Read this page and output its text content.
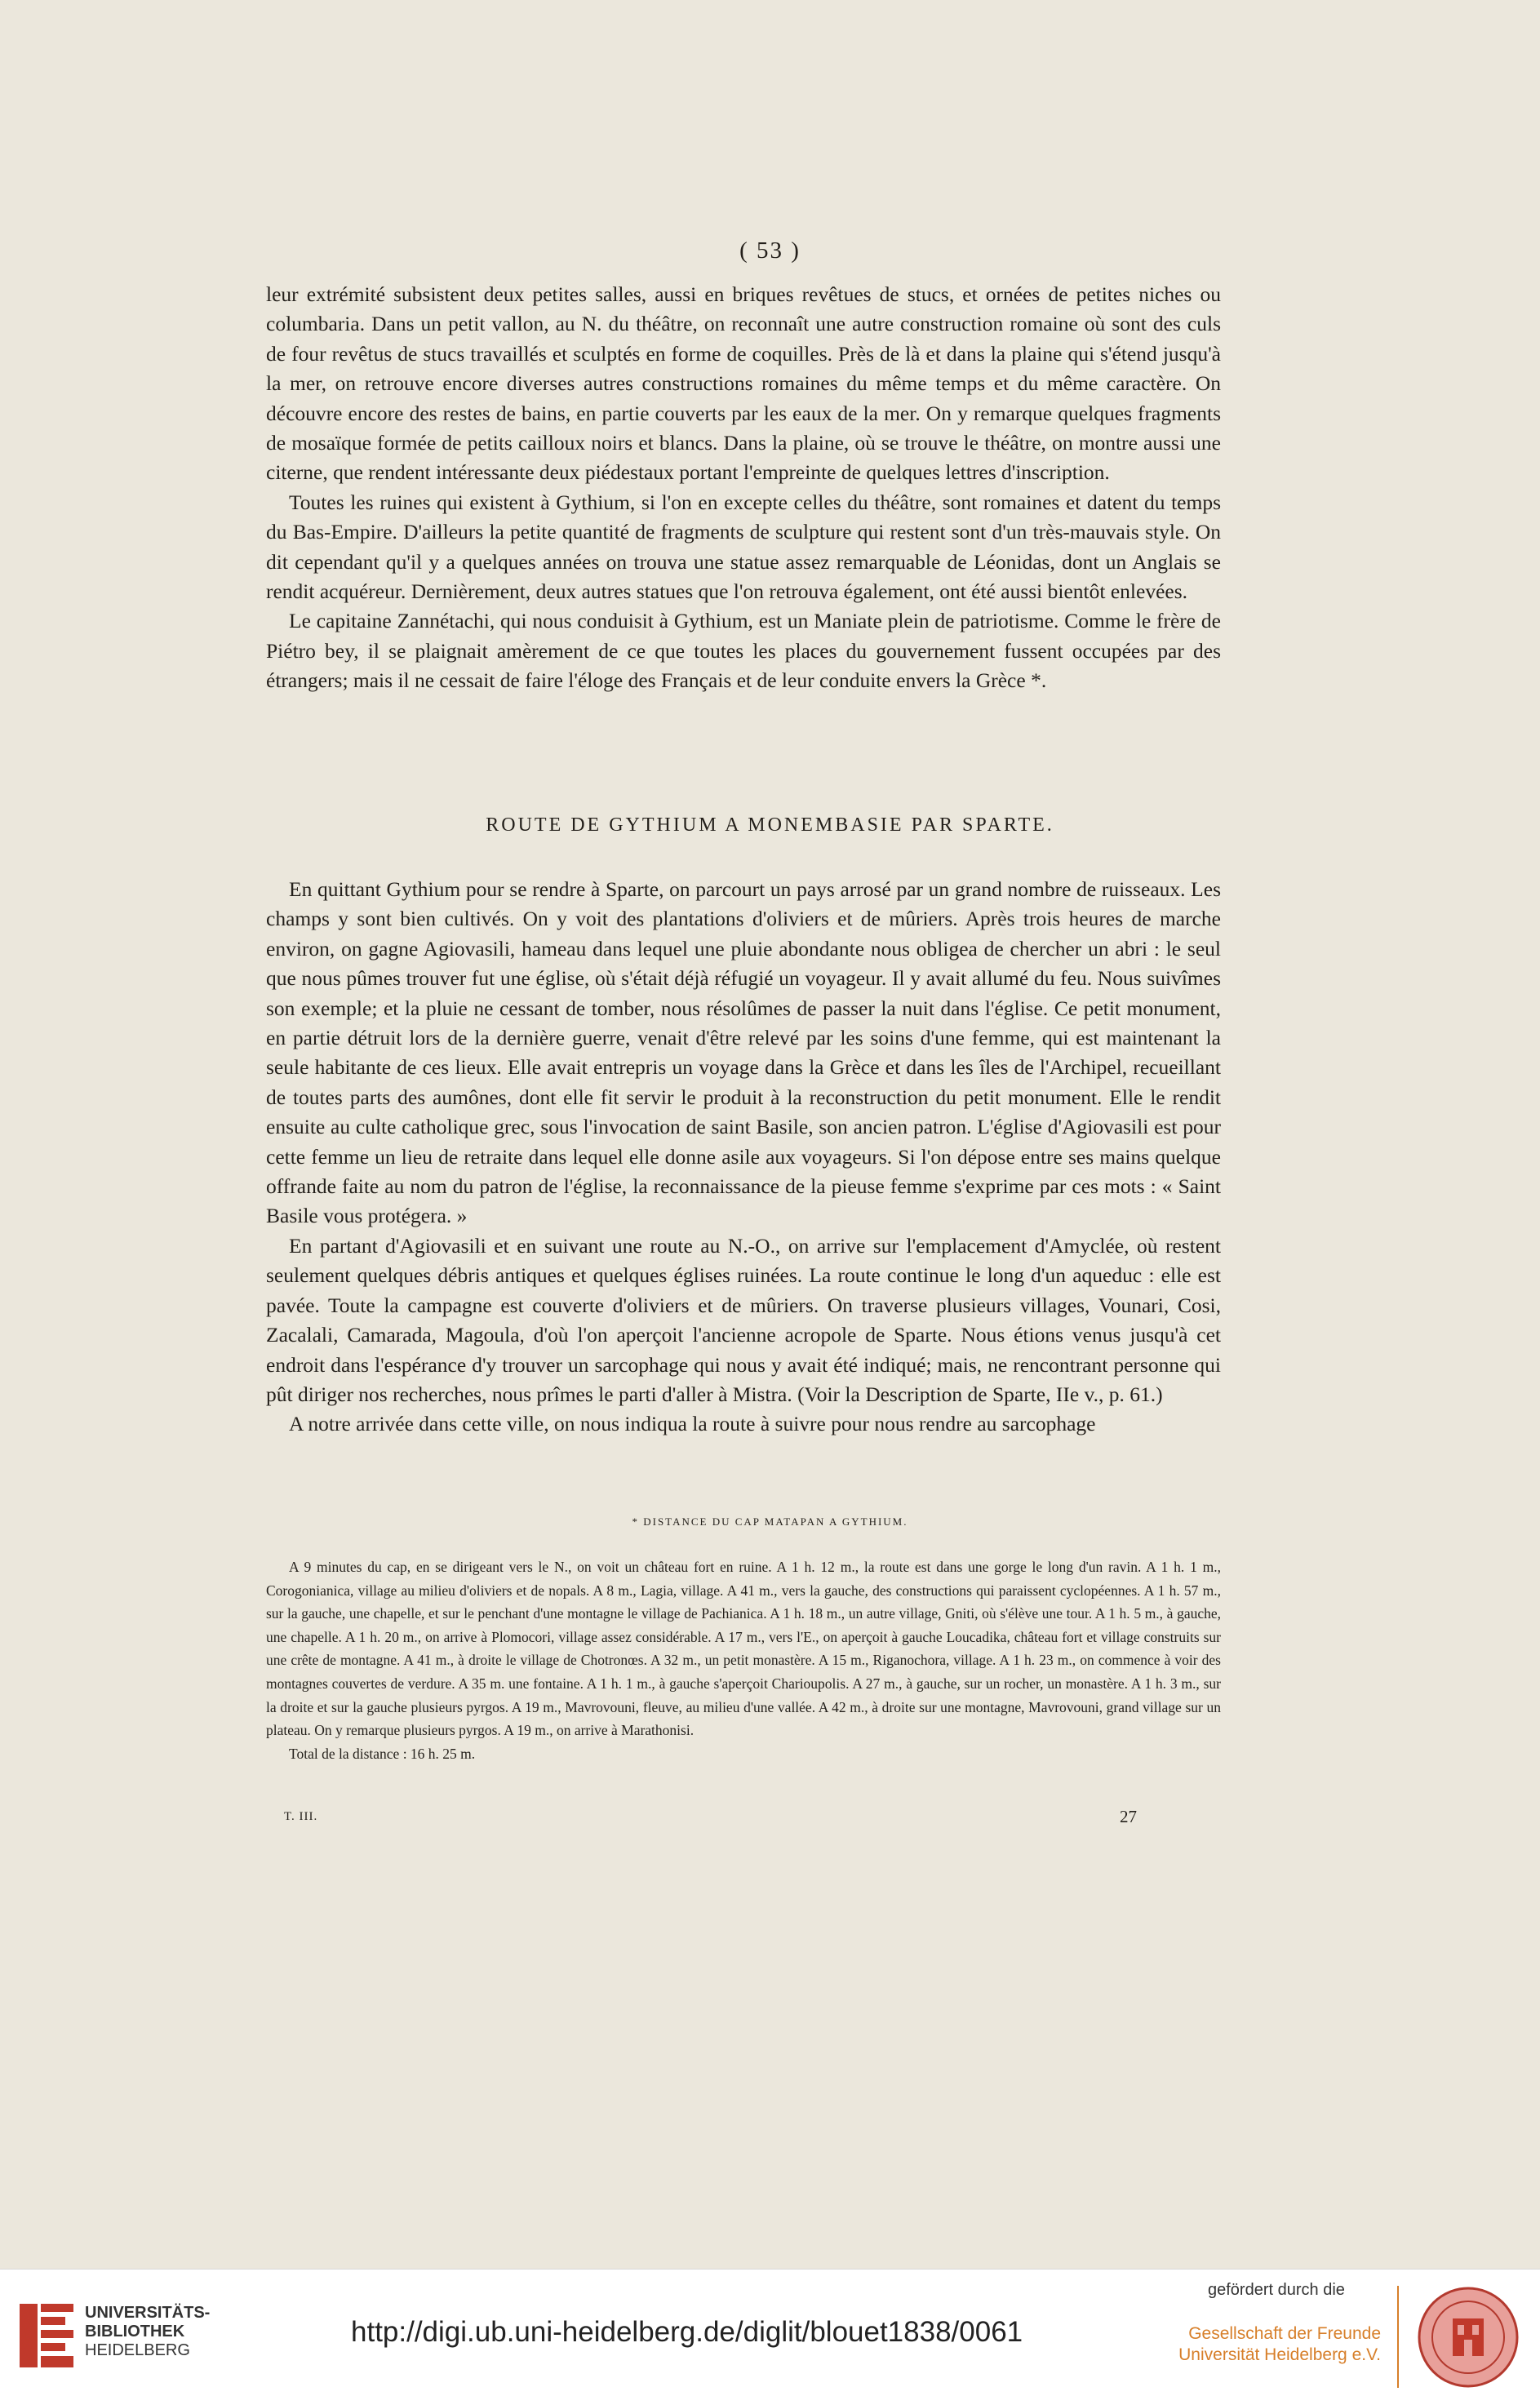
( 53 )

leur extrémité subsistent deux petites salles, aussi en briques revêtues de stucs, et ornées de petites niches ou columbaria. Dans un petit vallon, au N. du théâtre, on reconnaît une autre construction romaine où sont des culs de four revêtus de stucs travaillés et sculptés en forme de coquilles. Près de là et dans la plaine qui s'étend jusqu'à la mer, on retrouve encore diverses autres constructions romaines du même temps et du même caractère. On découvre encore des restes de bains, en partie couverts par les eaux de la mer. On y remarque quelques fragments de mosaïque formée de petits cailloux noirs et blancs. Dans la plaine, où se trouve le théâtre, on montre aussi une citerne, que rendent intéressante deux piédestaux portant l'empreinte de quelques lettres d'inscription.

Toutes les ruines qui existent à Gythium, si l'on en excepte celles du théâtre, sont romaines et datent du temps du Bas-Empire. D'ailleurs la petite quantité de fragments de sculpture qui restent sont d'un très-mauvais style. On dit cependant qu'il y a quelques années on trouva une statue assez remarquable de Léonidas, dont un Anglais se rendit acquéreur. Dernièrement, deux autres statues que l'on retrouva également, ont été aussi bientôt enlevées.

Le capitaine Zannétachi, qui nous conduisit à Gythium, est un Maniate plein de patriotisme. Comme le frère de Piétro bey, il se plaignait amèrement de ce que toutes les places du gouvernement fussent occupées par des étrangers; mais il ne cessait de faire l'éloge des Français et de leur conduite envers la Grèce *.

ROUTE DE GYTHIUM A MONEMBASIE PAR SPARTE.

En quittant Gythium pour se rendre à Sparte, on parcourt un pays arrosé par un grand nombre de ruisseaux. Les champs y sont bien cultivés. On y voit des plantations d'oliviers et de mûriers. Après trois heures de marche environ, on gagne Agiovasili, hameau dans lequel une pluie abondante nous obligea de chercher un abri : le seul que nous pûmes trouver fut une église, où s'était déjà réfugié un voyageur. Il y avait allumé du feu. Nous suivîmes son exemple; et la pluie ne cessant de tomber, nous résolûmes de passer la nuit dans l'église. Ce petit monument, en partie détruit lors de la dernière guerre, venait d'être relevé par les soins d'une femme, qui est maintenant la seule habitante de ces lieux. Elle avait entrepris un voyage dans la Grèce et dans les îles de l'Archipel, recueillant de toutes parts des aumônes, dont elle fit servir le produit à la reconstruction du petit monument. Elle le rendit ensuite au culte catholique grec, sous l'invocation de saint Basile, son ancien patron. L'église d'Agiovasili est pour cette femme un lieu de retraite dans lequel elle donne asile aux voyageurs. Si l'on dépose entre ses mains quelque offrande faite au nom du patron de l'église, la reconnaissance de la pieuse femme s'exprime par ces mots : « Saint Basile vous protégera. »

En partant d'Agiovasili et en suivant une route au N.-O., on arrive sur l'emplacement d'Amyclée, où restent seulement quelques débris antiques et quelques églises ruinées. La route continue le long d'un aqueduc : elle est pavée. Toute la campagne est couverte d'oliviers et de mûriers. On traverse plusieurs villages, Vounari, Cosi, Zacalali, Camarada, Magoula, d'où l'on aperçoit l'ancienne acropole de Sparte. Nous étions venus jusqu'à cet endroit dans l'espérance d'y trouver un sarcophage qui nous y avait été indiqué; mais, ne rencontrant personne qui pût diriger nos recherches, nous prîmes le parti d'aller à Mistra. (Voir la Description de Sparte, IIe v., p. 61.)

A notre arrivée dans cette ville, on nous indiqua la route à suivre pour nous rendre au sarcophage

* DISTANCE DU CAP MATAPAN A GYTHIUM.

A 9 minutes du cap, en se dirigeant vers le N., on voit un château fort en ruine. A 1 h. 12 m., la route est dans une gorge le long d'un ravin. A 1 h. 1 m., Corogonianica, village au milieu d'oliviers et de nopals. A 8 m., Lagia, village. A 41 m., vers la gauche, des constructions qui paraissent cyclopéennes. A 1 h. 57 m., sur la gauche, une chapelle, et sur le penchant d'une montagne le village de Pachianica. A 1 h. 18 m., un autre village, Gniti, où s'élève une tour. A 1 h. 5 m., à gauche, une chapelle. A 1 h. 20 m., on arrive à Plomocori, village assez considérable. A 17 m., vers l'E., on aperçoit à gauche Loucadika, château fort et village construits sur une crête de montagne. A 41 m., à droite le village de Chotronœs. A 32 m., un petit monastère. A 15 m., Riganochora, village. A 1 h. 23 m., on commence à voir des montagnes couvertes de verdure. A 35 m. une fontaine. A 1 h. 1 m., à gauche s'aperçoit Charioupolis. A 27 m., à gauche, sur un rocher, un monastère. A 1 h. 3 m., sur la droite et sur la gauche plusieurs pyrgos. A 19 m., Mavrovouni, fleuve, au milieu d'une vallée. A 42 m., à droite sur une montagne, Mavrovouni, grand village sur un plateau. On y remarque plusieurs pyrgos. A 19 m., on arrive à Marathonisi.

Total de la distance : 16 h. 25 m.

T. III.	27
UNIVERSITÄTS-
BIBLIOTHEK
HEIDELBERG
http://digi.ub.uni-heidelberg.de/diglit/blouet1838/0061
gefördert durch die
Gesellschaft der Freunde
Universität Heidelberg e.V.
